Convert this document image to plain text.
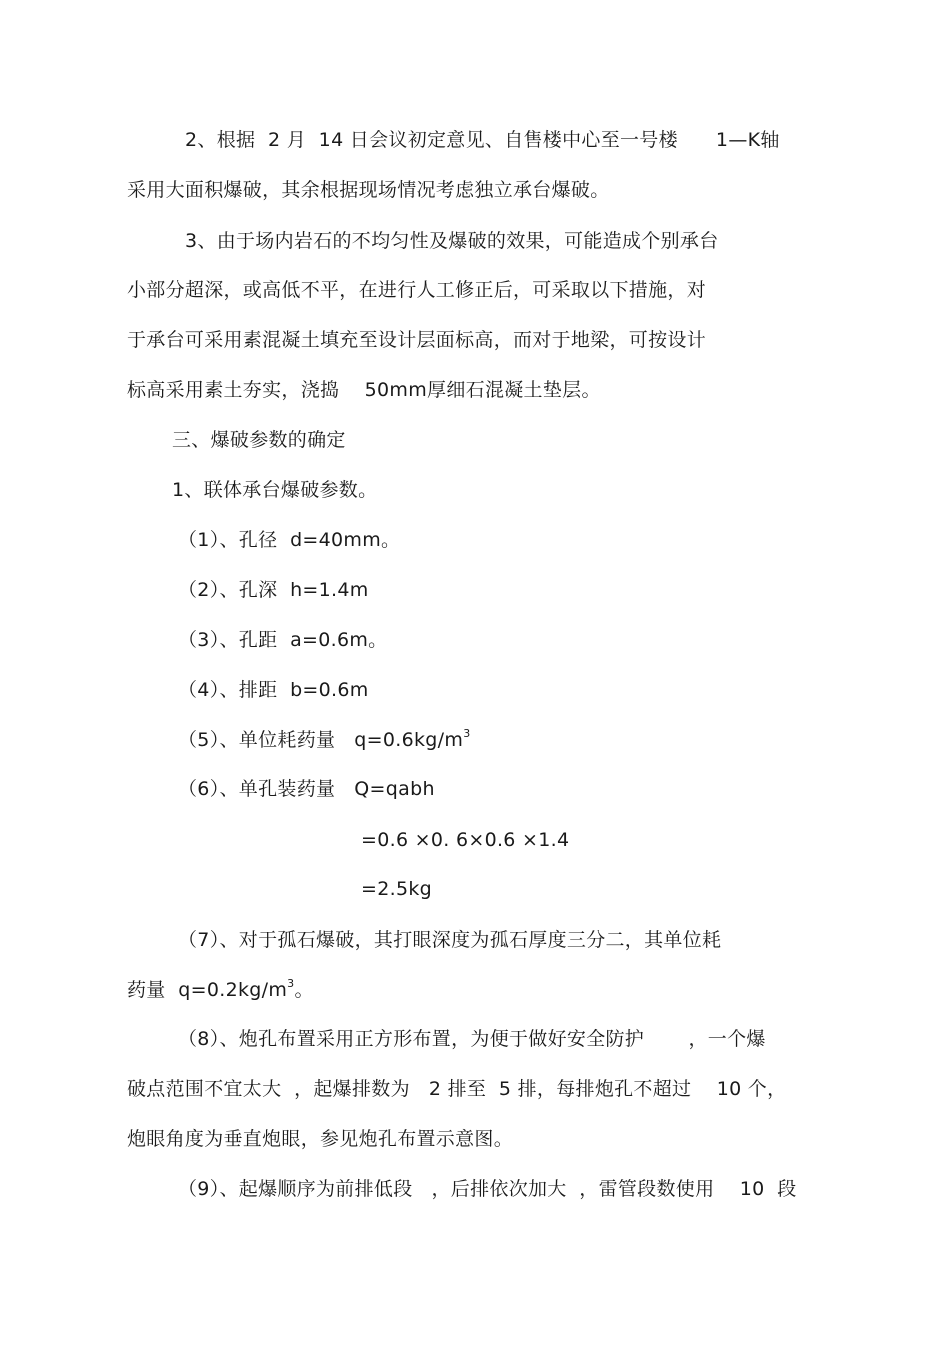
2、根据  2 月  14 日会议初定意见、自售楼中心至一号楼      1—K轴
采用大面积爆破，其余根据现场情况考虑独立承台爆破。
3、由于场内岩石的不均匀性及爆破的效果，可能造成个别承台
小部分超深，或高低不平，在进行人工修正后，可采取以下措施，对
于承台可采用素混凝土填充至设计层面标高，而对于地梁，可按设计
标高采用素土夯实，浇捣    50mm厚细石混凝土垫层。
三、爆破参数的确定
1、联体承台爆破参数。
（1）、孔径  d=40mm。
（2）、孔深  h=1.4m
（3）、孔距  a=0.6m。
（4）、排距  b=0.6m
（5）、单位耗药量   $q=0.6kg/m^3$
（6）、单孔装药量   Q=qabh
=0.6 ×0. 6×0.6 ×1.4
=2.5kg
（7）、对于孤石爆破，其打眼深度为孤石厚度三分二，其单位耗
药量  $q=0.2kg/m^3$。
（8）、炮孔布置采用正方形布置，为便于做好安全防护       ，一个爆
破点范围不宜太大  ，起爆排数为   2 排至  5 排，每排炮孔不超过    10 个，
炮眼角度为垂直炮眼，参见炮孔布置示意图。
（9）、起爆顺序为前排低段   ，后排依次加大  ，雷管段数使用    10  段
